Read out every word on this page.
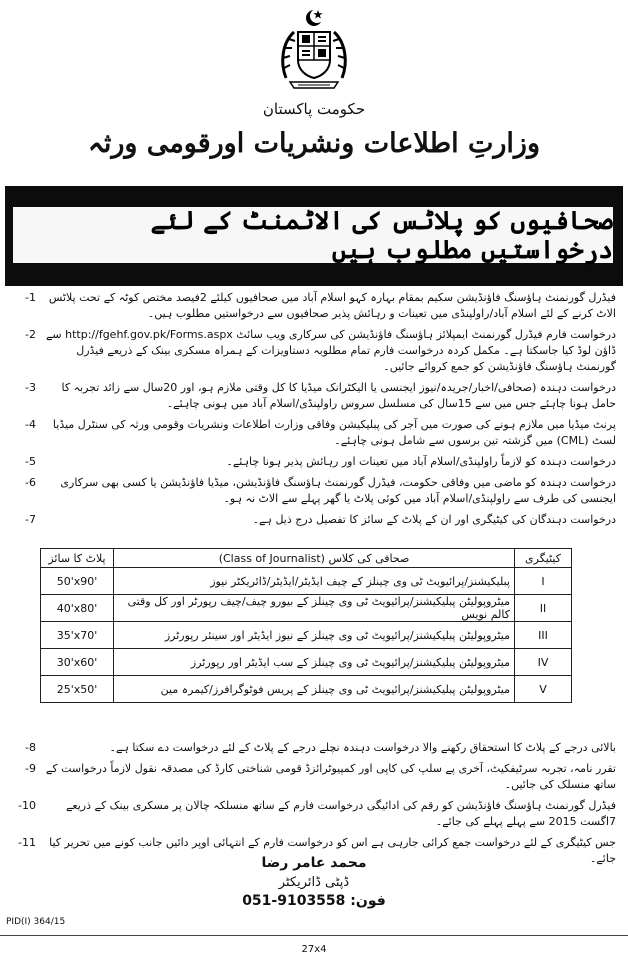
حکومت پاکستان
وزارتِ اطلاعات ونشریات اورقومی ورثہ
صحافیوں کو پلاٹس کی الاٹمنٹ کے لئے درخواستیں مطلوب ہیں
فیڈرل گورنمنٹ ہاؤسنگ فاؤنڈیشن سکیم بمقام بہارہ کہو اسلام آباد میں صحافیوں کیلئے 2فیصد مختص کوٹہ کے تحت پلاٹس الاٹ کرنے کے لئے اسلام آباد/راولپنڈی میں تعینات و رہائش پذیر صحافیوں سے درخواستیں مطلوب ہیں۔
-1
درخواست فارم فیڈرل گورنمنٹ ایمپلائز ہاؤسنگ فاؤنڈیشن کی سرکاری ویب سائٹ http://fgehf.gov.pk/Forms.aspx سے ڈاؤن لوڈ کیا جاسکتا ہے۔ مکمل کردہ درخواست فارم تمام مطلوبہ دستاویزات کے ہمراہ مسکری بینک کے ذریعے فیڈرل گورنمنٹ ہاؤسنگ فاؤنڈیشن کو جمع کروائے جائیں۔
-2
درخواست دہندہ (صحافی/اخبار/جریدہ/نیوز ایجنسی یا الیکٹرانک میڈیا کا کل وقتی ملازم ہو، اور 20سال سے زائد تجربہ کا حامل ہونا چاہئے جس میں سے 15سال کی مسلسل سروس راولپنڈی/اسلام آباد میں ہونی چاہئے۔
-3
پرنٹ میڈیا میں ملازم ہونے کی صورت میں آجر کی پبلیکیشن وفاقی وزارت اطلاعات ونشریات وقومی ورثہ کی سنٹرل میڈیا لسٹ (CML) میں گزشتہ تین برسوں سے شامل ہونی چاہئے۔
-4
درخواست دہندہ کو لازماً راولپنڈی/اسلام آباد میں تعینات اور رہائش پذیر ہونا چاہئے۔
-5
درخواست دہندہ کو ماضی میں وفاقی حکومت، فیڈرل گورنمنٹ ہاؤسنگ فاؤنڈیشن، میڈیا فاؤنڈیشن یا کسی بھی سرکاری ایجنسی کی طرف سے راولپنڈی/اسلام آباد میں کوئی پلاٹ یا گھر پہلے سے الاٹ نہ ہو۔
-6
درخواست دہندگان کی کیٹیگری اور ان کے پلاٹ کے سائز کا تفصیل درج ذیل ہے۔
-7
کیٹیگری	صحافی کی کلاس (Class of Journalist)	پلاٹ کا سائز
I	پبلیکیشنز/پرائیویٹ ٹی وی چینلز کے چیف ایڈیٹر/ایڈیٹر/ڈائریکٹر نیوز	50'x90'
II	میٹروپولیٹن پبلیکیشنز/پرائیویٹ ٹی وی چینلز کے بیورو چیف/چیف رپورٹر اور کل وقتی کالم نویس	40'x80'
III	میٹروپولیٹن پبلیکیشنز/پرائیویٹ ٹی وی چینلز کے نیوز ایڈیٹر اور سینئر رپورٹرز	35'x70'
IV	میٹروپولیٹن پبلیکیشنز/پرائیویٹ ٹی وی چینلز کے سب ایڈیٹر اور رپورٹرز	30'x60'
V	میٹروپولیٹن پبلیکیشنز/پرائیویٹ ٹی وی چینلز کے پریس فوٹوگرافرز/کیمرہ مین	25'x50'
بالائی درجے کے پلاٹ کا استحقاق رکھنے والا درخواست دہندہ نچلے درجے کے پلاٹ کے لئے درخواست دے سکتا ہے۔
-8
تقرر نامہ، تجربہ سرٹیفکیٹ، آخری پے سلپ کی کاپی اور کمپیوٹرائزڈ قومی شناختی کارڈ کی مصدقہ نقول لازماً درخواست کے ساتھ منسلک کی جائیں۔
-9
فیڈرل گورنمنٹ ہاؤسنگ فاؤنڈیشن کو رقم کی ادائیگی درخواست فارم کے ساتھ منسلکہ چالان پر مسکری بینک کے ذریعے 7اگست 2015 سے پہلے پہلے کی جائے۔
-10
جس کیٹیگری کے لئے درخواست جمع کرائی جارہی ہے اس کو درخواست فارم کے انتہائی اوپر دائیں جانب کونے میں تحریر کیا جائے۔
-11
محمد عامر رضا
ڈپٹی ڈائریکٹر
فون: 051-9103558
PID(I) 364/15
27x4
